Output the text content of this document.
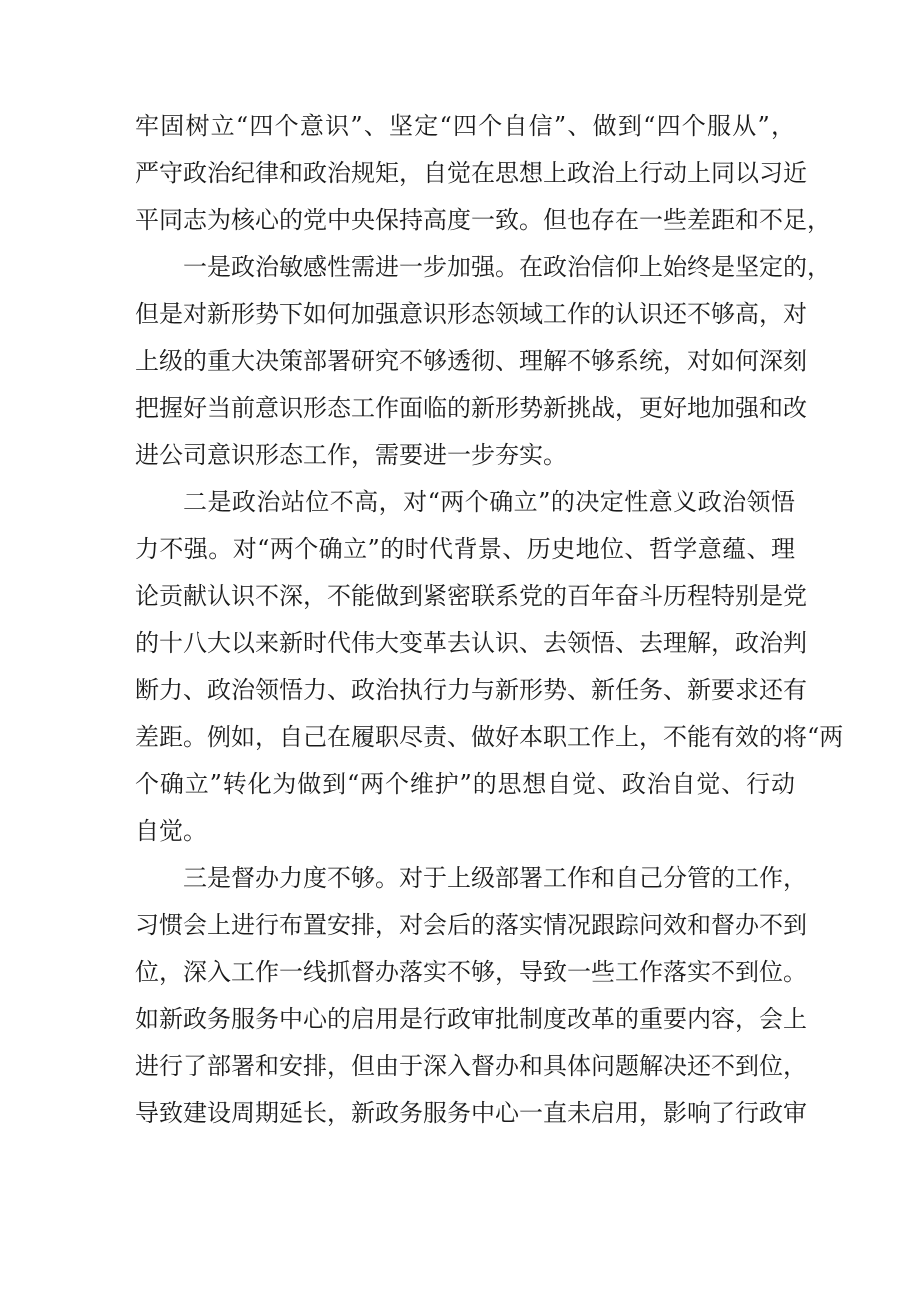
牢固树立“四个意识”、坚定“四个自信”、做到“四个服从”，
严守政治纪律和政治规矩，自觉在思想上政治上行动上同以习近
平同志为核心的党中央保持高度一致。但也存在一些差距和不足，
一是政治敏感性需进一步加强。在政治信仰上始终是坚定的，
但是对新形势下如何加强意识形态领域工作的认识还不够高，对
上级的重大决策部署研究不够透彻、理解不够系统，对如何深刻
把握好当前意识形态工作面临的新形势新挑战，更好地加强和改
进公司意识形态工作，需要进一步夯实。
二是政治站位不高，对“两个确立”的决定性意义政治领悟
力不强。对“两个确立”的时代背景、历史地位、哲学意蕴、理
论贡献认识不深，不能做到紧密联系党的百年奋斗历程特别是党
的十八大以来新时代伟大变革去认识、去领悟、去理解，政治判
断力、政治领悟力、政治执行力与新形势、新任务、新要求还有
差距。例如，自己在履职尽责、做好本职工作上，不能有效的将“两
个确立”转化为做到“两个维护”的思想自觉、政治自觉、行动
自觉。
三是督办力度不够。对于上级部署工作和自己分管的工作，
习惯会上进行布置安排，对会后的落实情况跟踪问效和督办不到
位，深入工作一线抓督办落实不够，导致一些工作落实不到位。
如新政务服务中心的启用是行政审批制度改革的重要内容，会上
进行了部署和安排，但由于深入督办和具体问题解决还不到位，
导致建设周期延长，新政务服务中心一直未启用，影响了行政审
